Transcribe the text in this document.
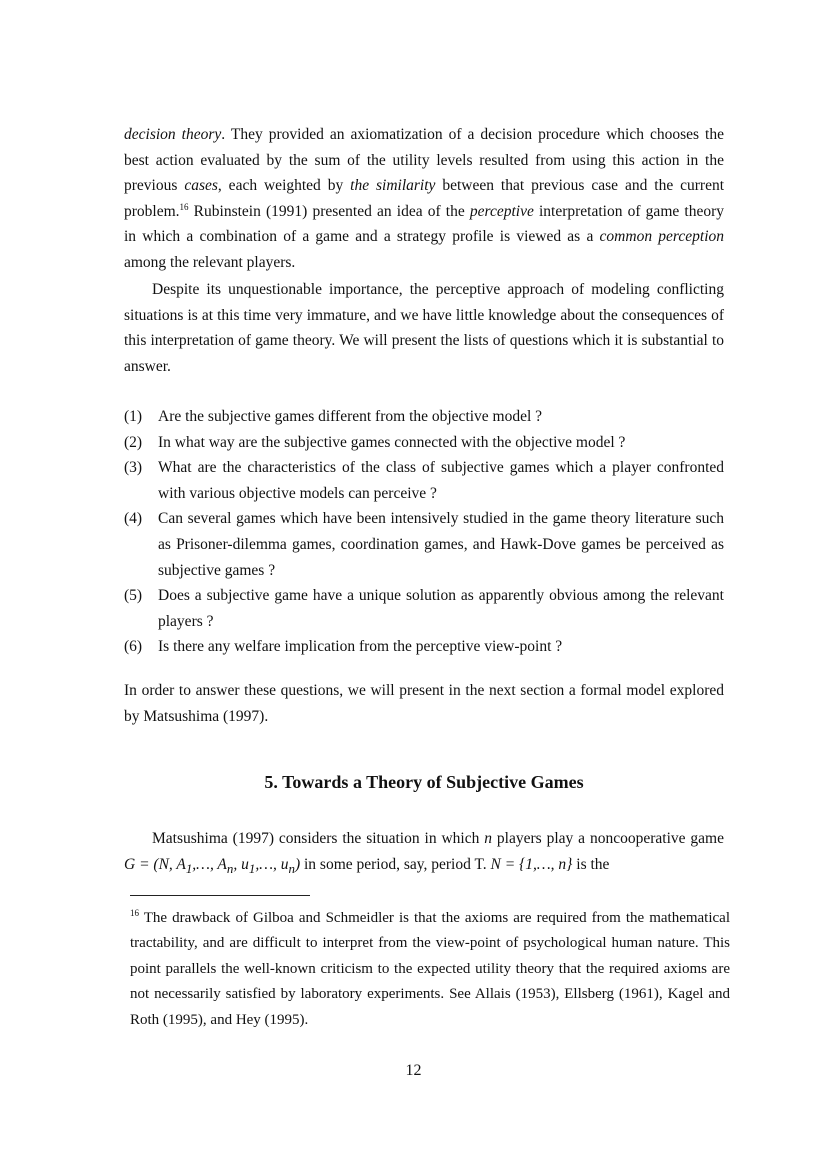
decision theory. They provided an axiomatization of a decision procedure which chooses the best action evaluated by the sum of the utility levels resulted from using this action in the previous cases, each weighted by the similarity between that previous case and the current problem.$^{16}$ Rubinstein (1991) presented an idea of the perceptive interpretation of game theory in which a combination of a game and a strategy profile is viewed as a common perception among the relevant players.

Despite its unquestionable importance, the perceptive approach of modeling conflicting situations is at this time very immature, and we have little knowledge about the consequences of this interpretation of game theory. We will present the lists of questions which it is substantial to answer.

(1)	Are the subjective games different from the objective model ?
(2)	In what way are the subjective games connected with the objective model ?
(3)	What are the characteristics of the class of subjective games which a player confronted with various objective models can perceive ?
(4)	Can several games which have been intensively studied in the game theory literature such as Prisoner-dilemma games, coordination games, and Hawk-Dove games be perceived as subjective games ?
(5)	Does a subjective game have a unique solution as apparently obvious among the relevant players ?
(6)	Is there any welfare implication from the perceptive view-point ?

In order to answer these questions, we will present in the next section a formal model explored by Matsushima (1997).

5. Towards a Theory of Subjective Games

Matsushima (1997) considers the situation in which n players play a noncooperative game G = (N, $A_1,\dots$, $A_n$, $u_1,\dots$, $u_n$) in some period, say, period T. N = {1,…, n} is the

$^{16}$ The drawback of Gilboa and Schmeidler is that the axioms are required from the mathematical tractability, and are difficult to interpret from the view-point of psychological human nature. This point parallels the well-known criticism to the expected utility theory that the required axioms are not necessarily satisfied by laboratory experiments. See Allais (1953), Ellsberg (1961), Kagel and Roth (1995), and Hey (1995).
12
